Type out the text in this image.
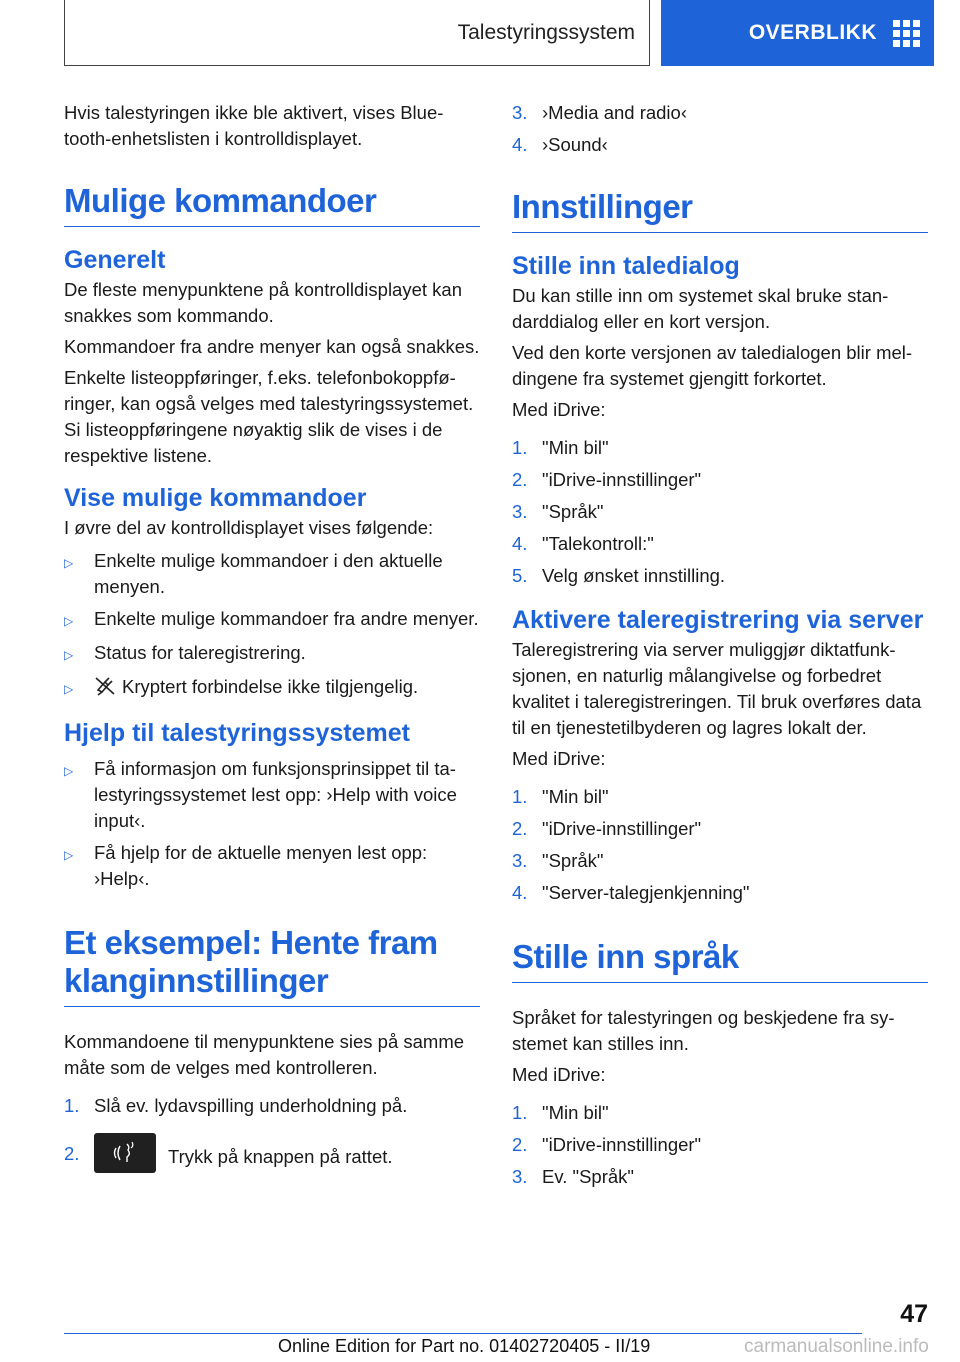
Talestyringssystem	OVERBLIKK

Hvis talestyringen ikke ble aktivert, vises Blue-tooth-enhetslisten i kontrolldisplayet.

Mulige kommandoer
Generelt

De fleste menypunktene på kontrolldisplayet kan snakkes som kommando.

Kommandoer fra andre menyer kan også snakkes.

Enkelte listeoppføringer, f.eks. telefonbokoppføringer, kan også velges med talestyringssystemet. Si listeoppføringene nøyaktig slik de vises i de respektive listene.

Vise mulige kommandoer

I øvre del av kontrolldisplayet vises følgende:

▷	Enkelte mulige kommandoer i den aktuelle menyen.
▷	Enkelte mulige kommandoer fra andre menyer.
▷	Status for taleregistrering.
▷	Kryptert forbindelse ikke tilgjengelig.
Hjelp til talestyringssystemet
▷	Få informasjon om funksjonsprinsippet til talestyringssystemet lest opp: ›Help with voice input‹.
▷	Få hjelp for de aktuelle menyen lest opp: ›Help‹.
Et eksempel: Hente fram klanginnstillinger

Kommandoene til menypunktene sies på samme måte som de velges med kontrolleren.

1. Slå ev. lydavspilling underholdning på.
2.	Trykk på knappen på rattet.
3. ›Media and radio‹
4. ›Sound‹
Innstillinger
Stille inn taledialog

Du kan stille inn om systemet skal bruke standarddialog eller en kort versjon.

Ved den korte versjonen av taledialogen blir meldingene fra systemet gjengitt forkortet.

Med iDrive:

1. "Min bil"
2. "iDrive-innstillinger"
3. "Språk"
4. "Talekontroll:"
5. Velg ønsket innstilling.
Aktivere taleregistrering via server

Taleregistrering via server muliggjør diktatfunksjonen, en naturlig målangivelse og forbedret kvalitet i taleregistreringen. Til bruk overføres data til en tjenestetilbyderen og lagres lokalt der.

Med iDrive:

1. "Min bil"
2. "iDrive-innstillinger"
3. "Språk"
4. "Server-talegjenkjenning"
Stille inn språk

Språket for talestyringen og beskjedene fra systemet kan stilles inn.

Med iDrive:

1. "Min bil"
2. "iDrive-innstillinger"
3. Ev. "Språk"
47
Online Edition for Part no. 01402720405 - II/19	carmanualsonline.info
